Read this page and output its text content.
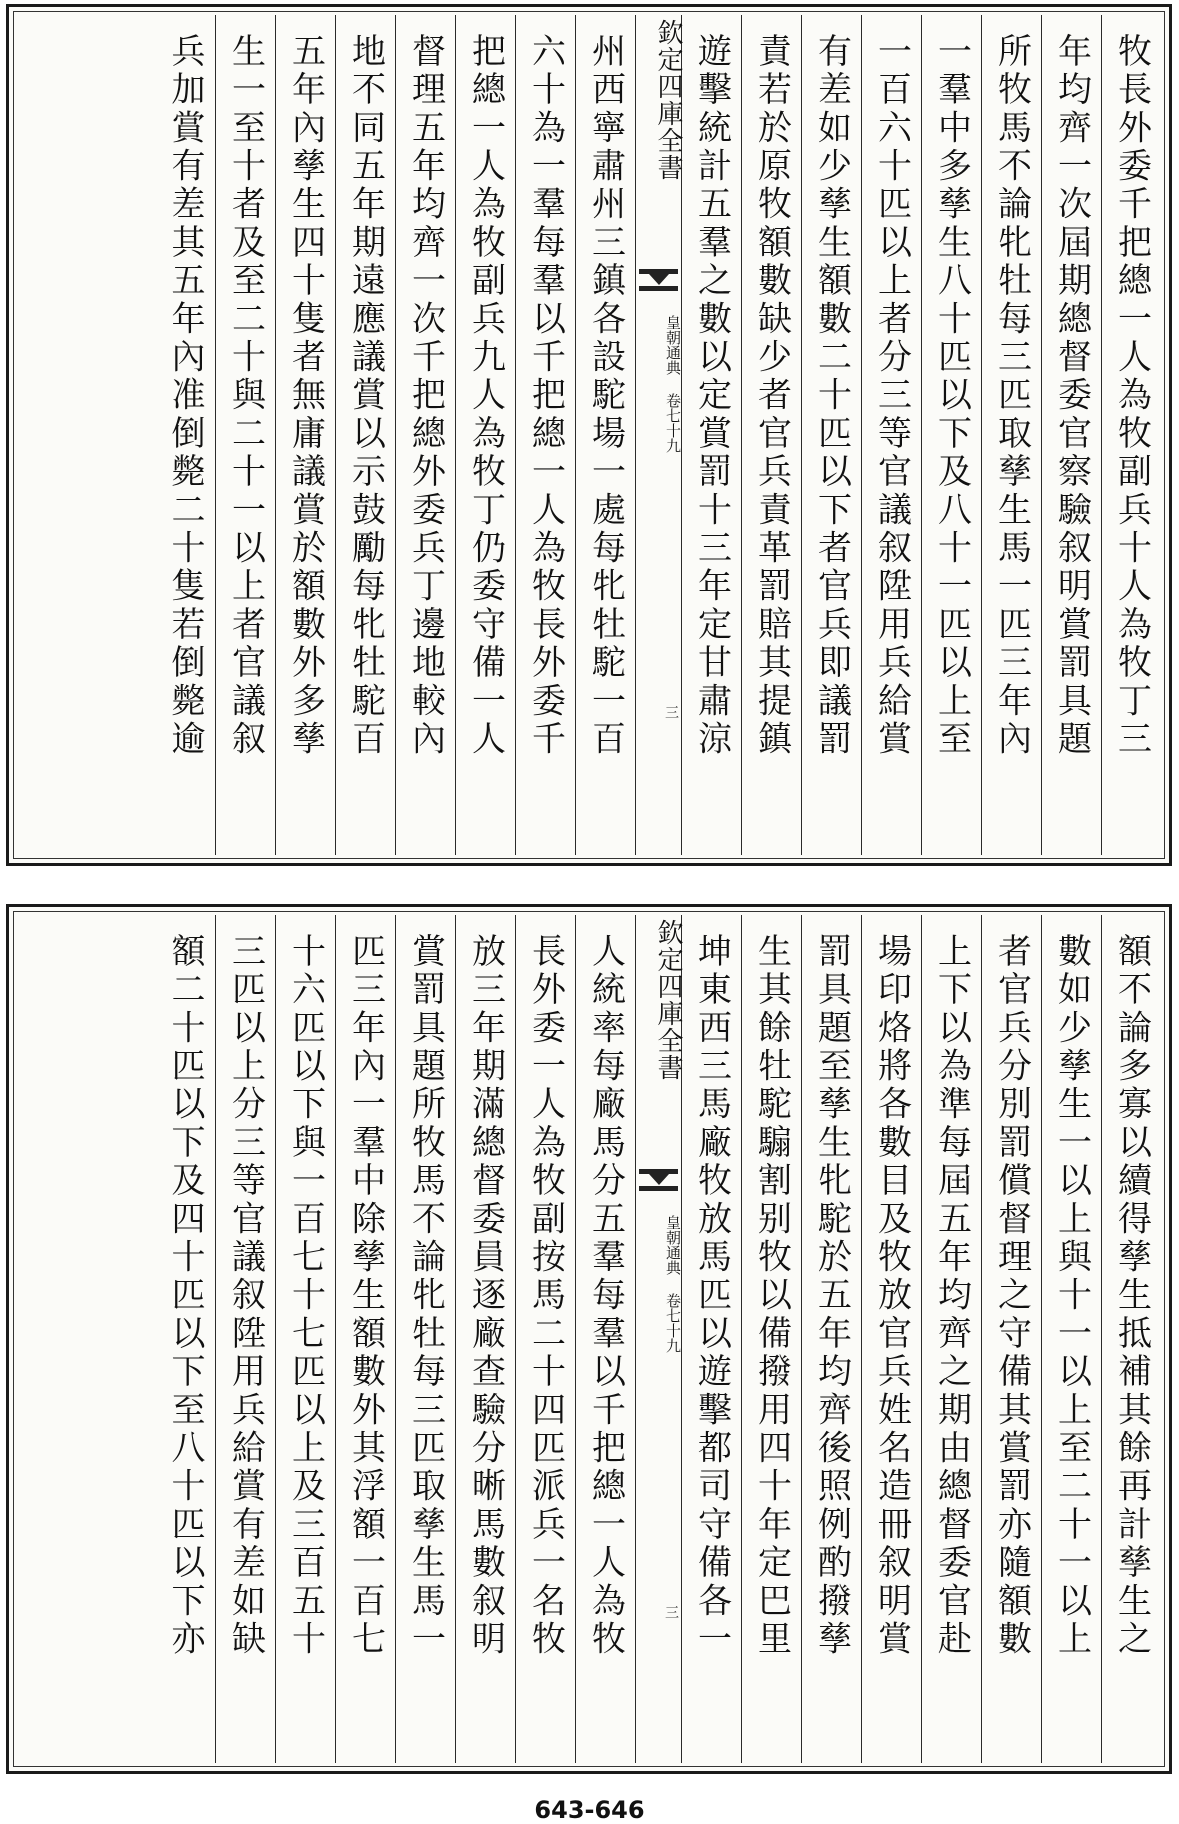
牧長外委千把總一人為牧副兵十人為牧丁三
年均齊一次屆期總督委官察驗叙明賞罰具題
所牧馬不論牝牡每三匹取孳生馬一匹三年內
一羣中多孳生八十匹以下及八十一匹以上至
一百六十匹以上者分三等官議叙陞用兵給賞
有差如少孳生額數二十匹以下者官兵即議罰
責若於原牧額數缺少者官兵責革罰賠其提鎮
遊擊統計五羣之數以定賞罰十三年定甘肅涼
欽定四庫全書
皇朝通典 卷七十九
三
州西寧肅州三鎮各設駝場一處每牝牡駝一百
六十為一羣每羣以千把總一人為牧長外委千
把總一人為牧副兵九人為牧丁仍委守備一人
督理五年均齊一次千把總外委兵丁邊地較內
地不同五年期遠應議賞以示鼓勵每牝牡駝百
五年內孳生四十隻者無庸議賞於額數外多孳
生一至十者及至二十與二十一以上者官議叙
兵加賞有差其五年內准倒斃二十隻若倒斃逾
額不論多寡以續得孳生抵補其餘再計孳生之
數如少孳生一以上與十一以上至二十一以上
者官兵分別罰償督理之守備其賞罰亦隨額數
上下以為準每屆五年均齊之期由總督委官赴
場印烙將各數目及牧放官兵姓名造冊叙明賞
罰具題至孳生牝駝於五年均齊後照例酌撥孳
生其餘牡駝騸割别牧以備撥用四十年定巴里
坤東西三馬廠牧放馬匹以遊擊都司守備各一
欽定四庫全書
皇朝通典 卷七十九
三
人統率每廠馬分五羣每羣以千把總一人為牧
長外委一人為牧副按馬二十四匹派兵一名牧
放三年期滿總督委員逐廠查驗分晰馬數叙明
賞罰具題所牧馬不論牝牡每三匹取孳生馬一
匹三年內一羣中除孳生額數外其浮額一百七
十六匹以下與一百七十七匹以上及三百五十
三匹以上分三等官議叙陞用兵給賞有差如缺
額二十匹以下及四十匹以下至八十匹以下亦
643-646
